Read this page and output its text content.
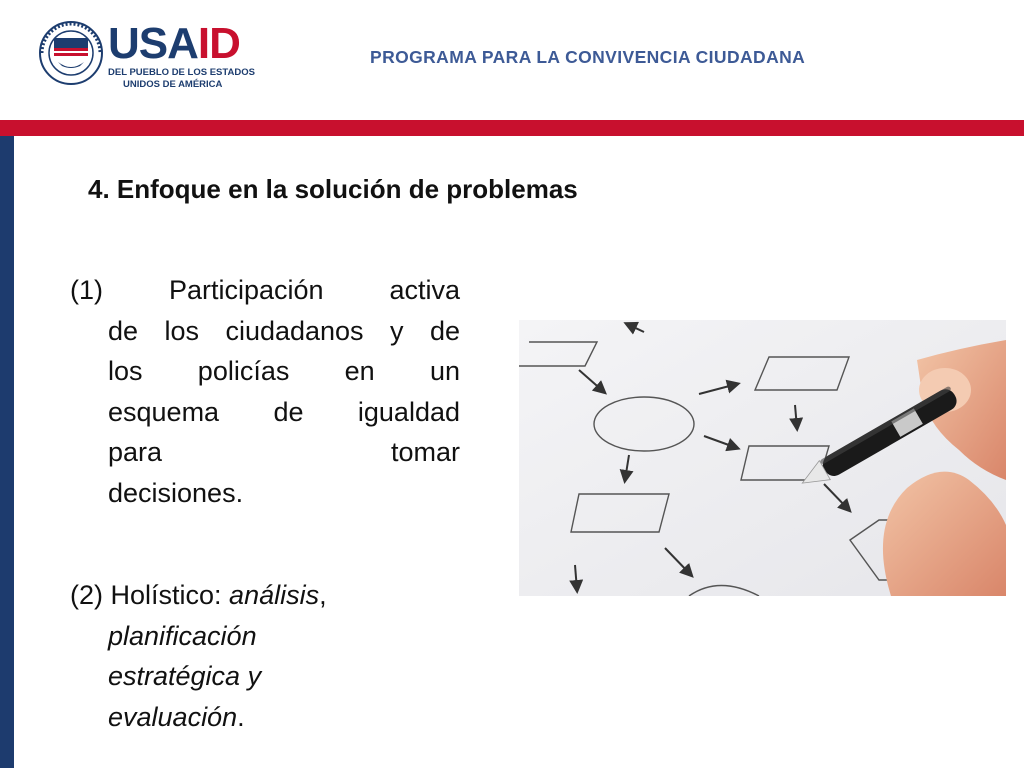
USAID
DEL PUEBLO DE LOS ESTADOS
UNIDOS DE AMÉRICA
PROGRAMA PARA LA CONVIVENCIA CIUDADANA
4. Enfoque en la solución de problemas
(1) Participación activa
de los ciudadanos y de
los policías en un
esquema de igualdad
para	tomar
decisiones.
(2) Holístico: análisis,
planificación
estratégica y
evaluación.
